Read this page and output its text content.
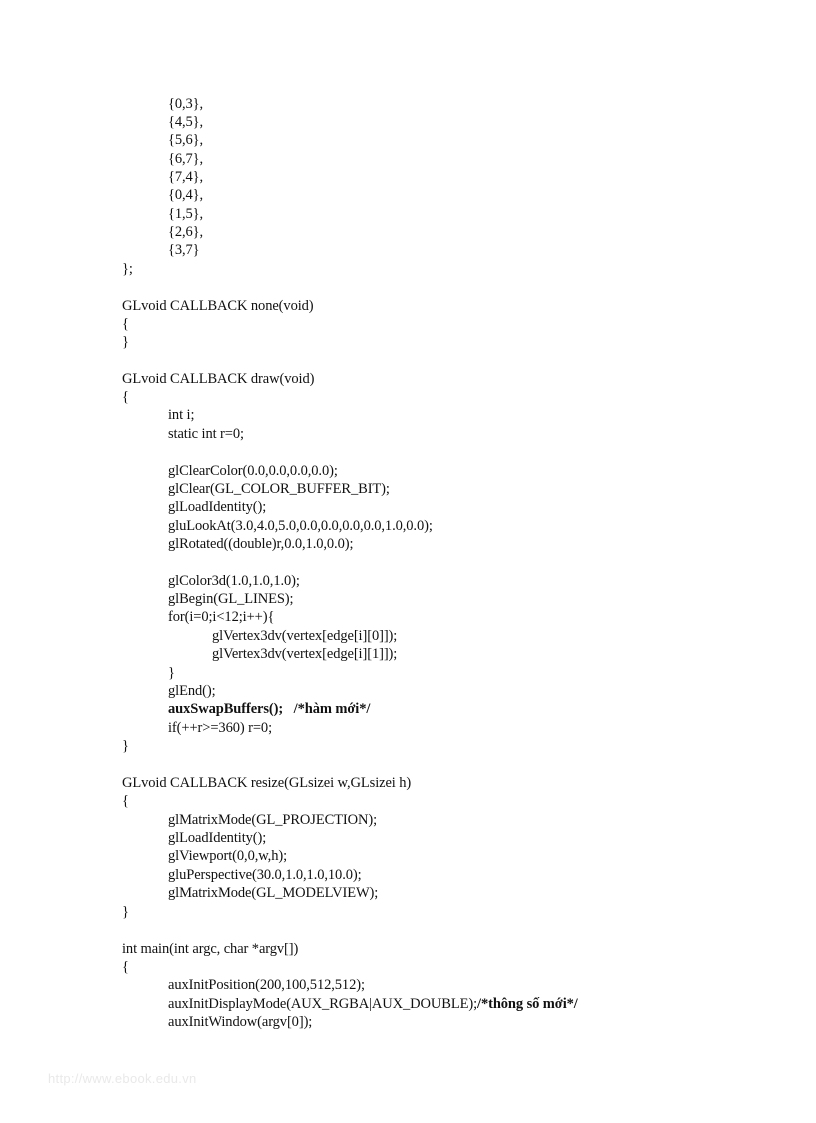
{0,3},
{4,5},
{5,6},
{6,7},
{7,4},
{0,4},
{1,5},
{2,6},
{3,7}
};
GLvoid CALLBACK none(void)
{
}
GLvoid CALLBACK draw(void)
{
int i;
static int r=0;
glClearColor(0.0,0.0,0.0,0.0);
glClear(GL_COLOR_BUFFER_BIT);
glLoadIdentity();
gluLookAt(3.0,4.0,5.0,0.0,0.0,0.0,0.0,1.0,0.0);
glRotated((double)r,0.0,1.0,0.0);
glColor3d(1.0,1.0,1.0);
glBegin(GL_LINES);
for(i=0;i<12;i++){
glVertex3dv(vertex[edge[i][0]]);
glVertex3dv(vertex[edge[i][1]]);
}
glEnd();
auxSwapBuffers();   /*hàm mới*/
if(++r>=360) r=0;
}
GLvoid CALLBACK resize(GLsizei w,GLsizei h)
{
glMatrixMode(GL_PROJECTION);
glLoadIdentity();
glViewport(0,0,w,h);
gluPerspective(30.0,1.0,1.0,10.0);
glMatrixMode(GL_MODELVIEW);
}
int main(int argc, char *argv[])
{
auxInitPosition(200,100,512,512);
auxInitDisplayMode(AUX_RGBA|AUX_DOUBLE);/*thông số mới*/
auxInitWindow(argv[0]);
http://www.ebook.edu.vn
